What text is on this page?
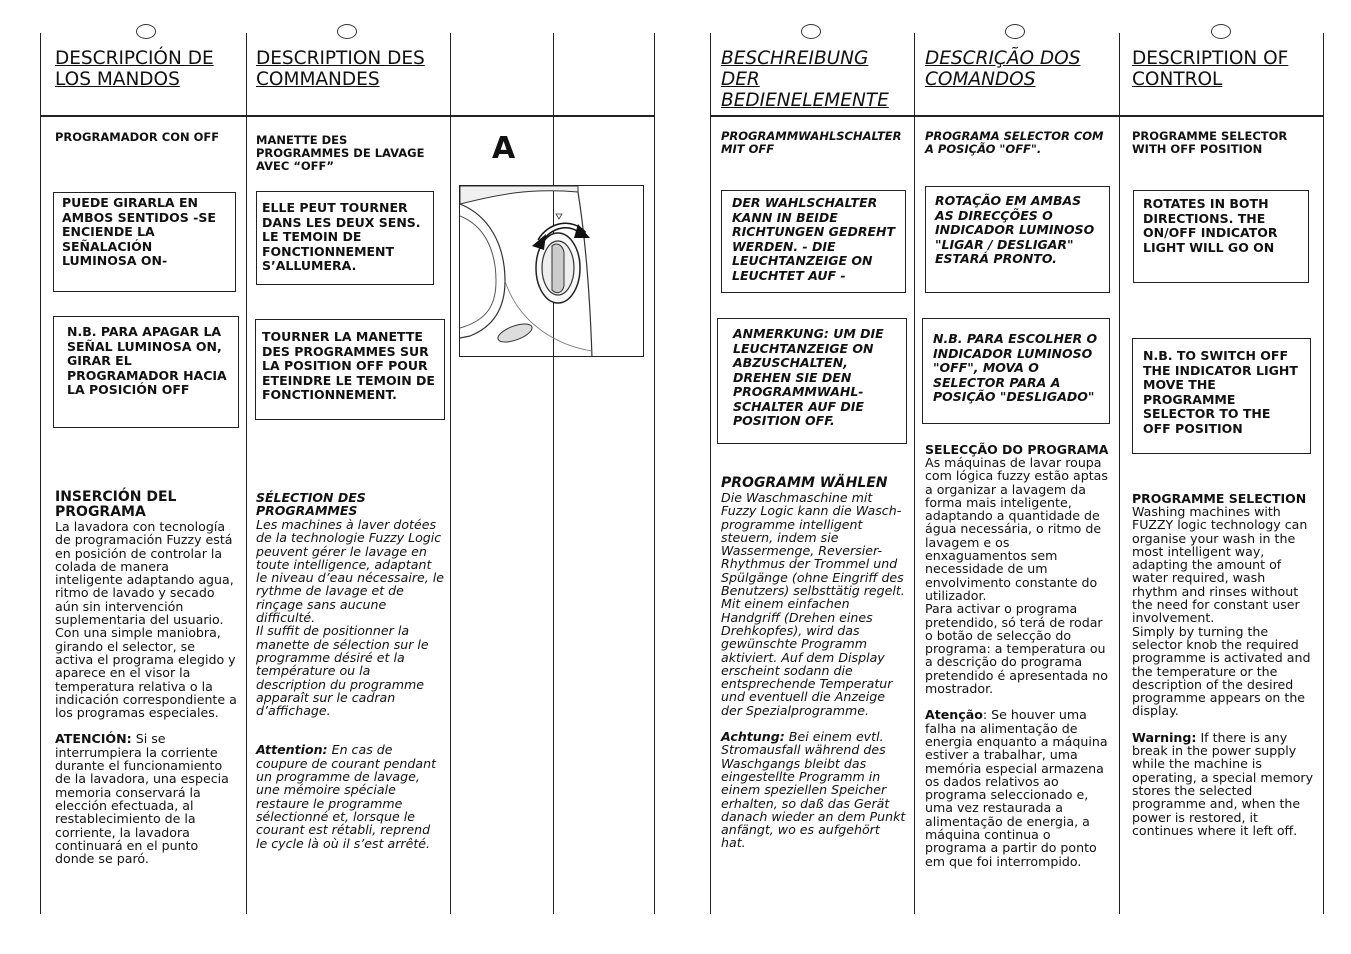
DESCRIPCIÓN DE LOS MANDOS
PROGRAMADOR CON OFF
PUEDE GIRARLA EN AMBOS SENTIDOS -SE ENCIENDE LA SEÑALACIÓN LUMINOSA ON-
N.B. PARA APAGAR LA SEÑAL LUMINOSA ON, GIRAR EL PROGRAMADOR HACIA LA POSICIÓN OFF
INSERCIÓN DEL PROGRAMA

La lavadora con tecnología de programación Fuzzy está en posición de controlar la colada de manera inteligente adaptando agua, ritmo de lavado y secado aún sin intervención suplementaria del usuario. Con una simple maniobra, girando el selector, se activa el programa elegido y aparece en el visor la temperatura relativa o la indicación correspondiente a los programas especiales.

ATENCIÓN: Si se interrumpiera la corriente durante el funcionamiento de la lavadora, una especia memoria conservará la elección efectuada, al restablecimiento de la corriente, la lavadora continuará en el punto donde se paró.

DESCRIPTION DES COMMANDES
MANETTE DES PROGRAMMES DE LAVAGE AVEC “OFF”
ELLE PEUT TOURNER DANS LES DEUX SENS. LE TEMOIN DE FONCTIONNEMENT S’ALLUMERA.
TOURNER LA MANETTE DES PROGRAMMES SUR LA POSITION OFF POUR ETEINDRE LE TEMOIN DE FONCTIONNEMENT.
SÉLECTION DES PROGRAMMES

Les machines à laver dotées de la technologie Fuzzy Logic peuvent gérer le lavage en toute intelligence, adaptant le niveau d’eau nécessaire, le rythme de lavage et de rinçage sans aucune difficulté.

Il suffit de positionner la manette de sélection sur le programme désiré et la température ou la description du programme apparaît sur le cadran d’affichage.

Attention: En cas de coupure de courant pendant un programme de lavage, une mémoire spéciale restaure le programme sélectionné et, lorsque le courant est rétabli, reprend le cycle là où il s’est arrêté.

A
BESCHREIBUNG DER BEDIENELEMENTE
PROGRAMMWAHLSCHALTER MIT OFF
DER WAHLSCHALTER KANN IN BEIDE RICHTUNGEN GEDREHT WERDEN. - DIE LEUCHTANZEIGE ON LEUCHTET AUF -
ANMERKUNG: UM DIE LEUCHTANZEIGE ON ABZUSCHALTEN, DREHEN SIE DEN PROGRAMMWAHL-SCHALTER AUF DIE POSITION OFF.
PROGRAMM WÄHLEN

Die Waschmaschine mit Fuzzy Logic kann die Wasch-programme intelligent steuern, indem sie Wassermenge, Reversier-Rhythmus der Trommel und Spülgänge (ohne Eingriff des Benutzers) selbsttätig regelt. Mit einem einfachen Handgriff (Drehen eines Drehkopfes), wird das gewünschte Programm aktiviert. Auf dem Display erscheint sodann die entsprechende Temperatur und eventuell die Anzeige der Spezialprogramme.

Achtung: Bei einem evtl. Stromausfall während des Waschgangs bleibt das eingestellte Programm in einem speziellen Speicher erhalten, so daß das Gerät danach wieder an dem Punkt anfängt, wo es aufgehört hat.

DESCRIÇÃO DOS COMANDOS
PROGRAMA SELECTOR COM A POSIÇÃO "OFF".
ROTAÇÃO EM AMBAS AS DIRECÇÕES O INDICADOR LUMINOSO "LIGAR / DESLIGAR" ESTARÁ PRONTO.
N.B. PARA ESCOLHER O INDICADOR LUMINOSO "OFF", MOVA O SELECTOR PARA A POSIÇÃO "DESLIGADO"
SELECÇÃO DO PROGRAMA

As máquinas de lavar roupa com lógica fuzzy estão aptas a organizar a lavagem da forma mais inteligente, adaptando a quantidade de água necessária, o ritmo de lavagem e os enxaguamentos sem necessidade de um envolvimento constante do utilizador.

Para activar o programa pretendido, só terá de rodar o botão de selecção do programa: a temperatura ou a descrição do programa pretendido é apresentada no mostrador.

Atenção: Se houver uma falha na alimentação de energia enquanto a máquina estiver a trabalhar, uma memória especial armazena os dados relativos ao programa seleccionado e, uma vez restaurada a alimentação de energia, a máquina continua o programa a partir do ponto em que foi interrompido.

DESCRIPTION OF CONTROL
PROGRAMME SELECTOR WITH OFF POSITION
ROTATES IN BOTH DIRECTIONS. THE ON/OFF INDICATOR LIGHT WILL GO ON
N.B. TO SWITCH OFF THE INDICATOR LIGHT MOVE THE PROGRAMME SELECTOR TO THE OFF POSITION
PROGRAMME SELECTION

Washing machines with FUZZY logic technology can organise your wash in the most intelligent way, adapting the amount of water required, wash rhythm and rinses without the need for constant user involvement.

Simply by turning the selector knob the required programme is activated and the temperature or the description of the desired programme appears on the display.

Warning: If there is any break in the power supply while the machine is operating, a special memory stores the selected programme and, when the power is restored, it continues where it left off.
